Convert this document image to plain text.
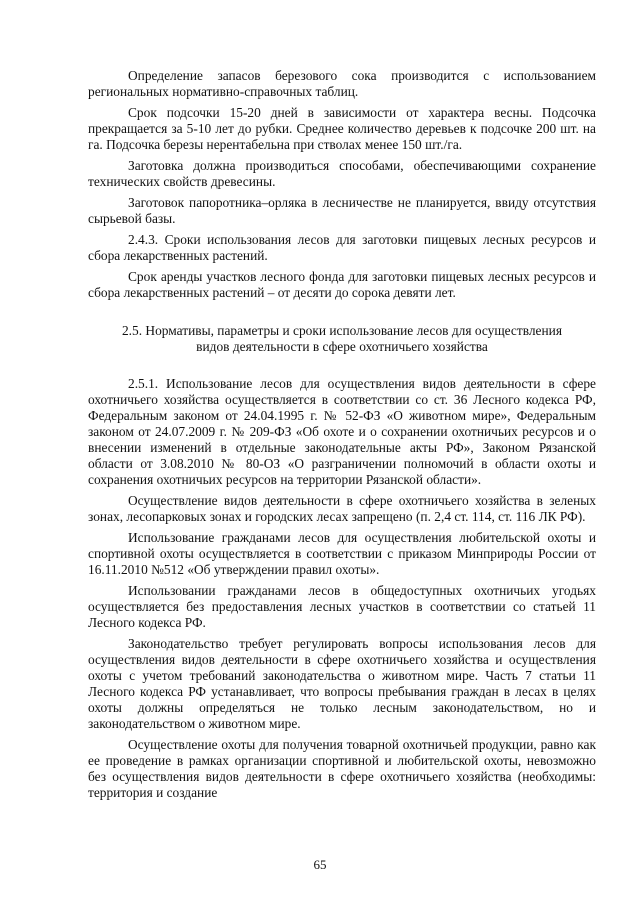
Определение запасов березового сока производится с использованием региональных нормативно-справочных таблиц.

Срок подсочки 15-20 дней в зависимости от характера весны. Подсочка прекращается за 5-10 лет до рубки. Среднее количество деревьев к подсочке 200 шт. на га. Подсочка березы нерентабельна при стволах менее 150 шт./га.

Заготовка должна производиться способами, обеспечивающими сохранение технических свойств древесины.

Заготовок папоротника–орляка в лесничестве не планируется, ввиду отсутствия сырьевой базы.

2.4.3. Сроки использования лесов для заготовки пищевых лесных ресурсов и сбора лекарственных растений.

Срок аренды участков лесного фонда для заготовки пищевых лесных ресурсов и сбора лекарственных растений – от десяти до сорока девяти лет.

2.5. Нормативы, параметры и сроки использование лесов для осуществления
видов деятельности в сфере охотничьего хозяйства

2.5.1. Использование лесов для осуществления видов деятельности в сфере охотничьего хозяйства осуществляется в соответствии со ст. 36 Лесного кодекса РФ, Федеральным законом от 24.04.1995 г. № 52-ФЗ «О животном мире», Федеральным законом от 24.07.2009 г. № 209-ФЗ «Об охоте и о сохранении охотничьих ресурсов и о внесении изменений в отдельные законодательные акты РФ», Законом Рязанской области от 3.08.2010 № 80-ОЗ «О разграничении полномочий в области охоты и сохранения охотничьих ресурсов на территории Рязанской области».

Осуществление видов деятельности в сфере охотничьего хозяйства в зеленых зонах, лесопарковых зонах и городских лесах запрещено (п. 2,4 ст. 114, ст. 116 ЛК РФ).

Использование гражданами лесов для осуществления любительской охоты и спортивной охоты осуществляется в соответствии с приказом Минприроды России от 16.11.2010 №512 «Об утверждении правил охоты».

Использовании гражданами лесов в общедоступных охотничьих угодьях осуществляется без предоставления лесных участков в соответствии со статьей 11 Лесного кодекса РФ.

Законодательство требует регулировать вопросы использования лесов для осуществления видов деятельности в сфере охотничьего хозяйства и осуществления охоты с учетом требований законодательства о животном мире. Часть 7 статьи 11 Лесного кодекса РФ устанавливает, что вопросы пребывания граждан в лесах в целях охоты должны определяться не только лесным законодательством, но и законодательством о животном мире.

Осуществление охоты для получения товарной охотничьей продукции, равно как ее проведение в рамках организации спортивной и любительской охоты, невозможно без осуществления видов деятельности в сфере охотничьего хозяйства (необходимы: территория и создание

65
